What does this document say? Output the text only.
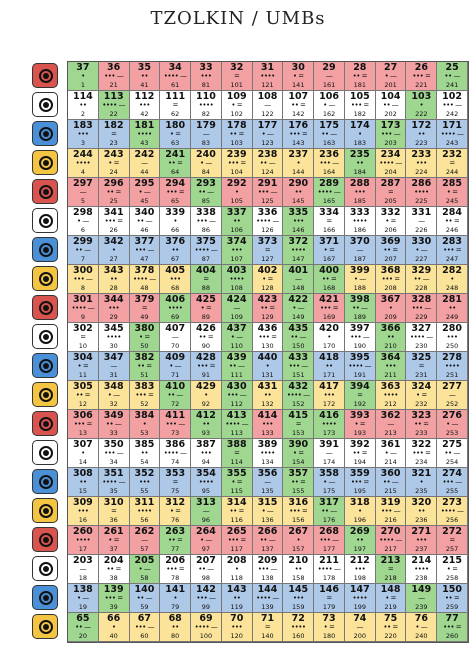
TZOLKIN / UMBs
37
•
1
36
••• —
21
35
••
41
34
•••• —
61
33
•••
81
32
=
101
31
••••
121
30
• =
141
29
—
161
28
•• =
181
27
• —
201
26
••• =
221
25
•• —
241
114
••
2
113
•••• —
22
112
•••
42
111
=
62
110
••••
82
109
• =
102
108
—
122
107
•• =
142
106
• —
162
105
••• =
182
104
•• —
202
103
•
222
102
••• —
242
183
•••
3
182
=
23
181
••••
43
180
• =
63
179
—
83
178
•• =
103
177
• —
123
176
••• =
143
175
•• —
163
174
•
183
173
••• —
203
172
••
223
171
•••• —
243
244
••••
4
243
• =
24
242
—
44
241
•• =
64
240
• —
84
239
••• =
104
238
•• —
124
237
•
144
236
••• —
164
235
••
184
234
•••• —
204
233
•••
224
232
=
244
297
—
5
296
•• =
25
295
• —
45
294
••• =
65
293
•• —
85
292
•
105
291
••• —
125
290
••
145
289
•••• —
165
288
•••
185
287
=
205
286
••••
225
285
• =
245
298
• —
6
341
••• =
26
340
•• —
46
339
•
66
338
••• —
86
337
••
106
336
•••• —
126
335
•••
146
334
=
166
333
••••
186
332
• =
206
331
—
226
284
•• =
246
299
•• —
7
342
•
27
377
••• —
47
376
••
67
375
•••• —
87
374
•••
107
373
=
127
372
••••
147
371
• =
167
370
—
187
369
•• =
207
330
• —
227
283
••• =
247
300
••• —
8
343
••
28
378
•••• —
48
405
•••
68
404
=
88
403
••••
108
402
• =
128
401
—
148
400
•• =
168
399
• —
188
368
••• =
208
329
•• —
228
282
•
248
301
•••• —
9
344
•••
29
379
=
49
406
••••
69
425
• =
89
424
—
109
423
•• =
129
422
• —
149
421
••• =
169
398
•• —
189
367
•
209
328
••• —
229
281
••
249
302
=
10
345
••••
30
380
• =
50
407
—
70
426
•• =
90
437
• —
110
436
••• =
130
435
•• —
150
420
•
170
397
••• —
190
366
••
210
327
•••• —
230
280
•••
250
304
• =
11
347
—
31
382
•• =
51
409
• —
71
428
••• =
91
439
•• —
111
440
•
131
433
••• —
151
418
••
171
395
•••• —
191
364
•••
211
325
=
231
278
••••
251
305
•• =
12
348
• —
32
383
••• =
52
410
•• —
72
429
•
92
430
••• —
112
431
••
132
432
•••• —
152
417
•••
172
394
=
192
363
••••
212
324
• =
232
277
—
252
306
••• =
13
349
•• —
33
384
•
53
411
••• —
73
412
••
93
413
•••• —
113
414
•••
133
415
=
153
416
••••
173
393
• =
193
362
—
213
323
•• =
233
276
• —
253
307
•
14
350
••• —
34
385
••
54
386
•••• —
74
387
•••
94
388
=
114
389
••••
134
390
• =
154
391
—
174
392
•• =
194
361
• —
214
322
••• =
234
275
•• —
254
308
••
15
351
•••• —
35
352
•••
55
353
=
75
354
••••
95
355
• =
115
356
—
135
357
•• =
155
358
• —
175
359
••• =
195
360
•• —
215
321
•
235
274
••• —
255
309
•••
16
310
=
36
311
••••
56
312
• =
76
313
—
96
314
•• =
116
315
• —
136
316
••• =
156
317
•• —
176
318
•
196
319
••• —
216
320
••
236
273
•••• —
256
260
••••
17
261
• =
37
262
—
57
263
•• =
77
264
• —
97
265
••• =
117
266
•• —
137
267
•
157
268
••• —
177
269
••
197
270
•••• —
217
271
•••
237
272
=
257
203
—
18
204
•• =
38
205
• —
58
206
••• =
78
207
•• —
98
208
•
118
209
••• —
138
210
••
158
211
•••• —
178
212
•••
198
213
=
218
214
••••
238
215
• =
258
138
• —
19
139
••• =
39
140
•• —
59
141
•
79
142
••• —
99
143
••
119
144
•••• —
139
145
•••
159
146
=
179
147
••••
199
148
• =
219
149
—
239
150
•• =
259
65
•• —
20
66
•
40
67
••• —
60
68
••
80
69
•••• —
100
70
•••
120
71
=
140
72
••••
160
73
• =
180
74
—
200
75
•• =
220
76
• —
240
77
••• =
260
